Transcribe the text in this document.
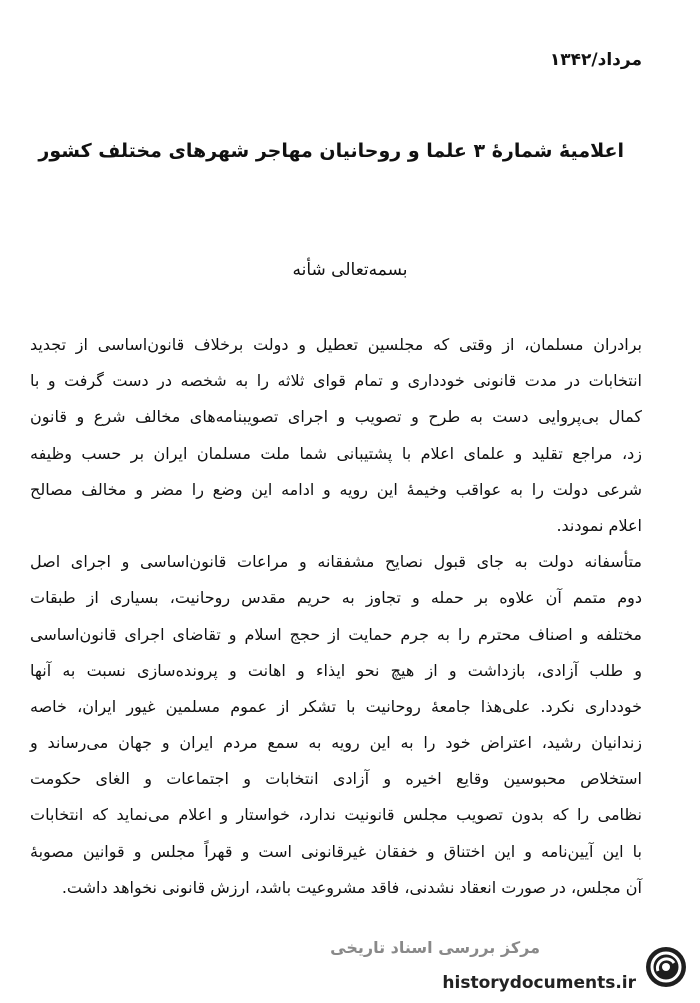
مرداد/۱۳۴۲
اعلامیهٔ شمارهٔ ۳ علما و روحانیان مهاجر شهرهای مختلف کشور
بسمه‌تعالی شأنه
برادران مسلمان، از وقتی که مجلسین تعطیل و دولت برخلاف قانون‌اساسی از تجدید
انتخابات در مدت قانونی خودداری و تمام قوای ثلاثه را به شخصه در دست گرفت و با
کمال بی‌پروایی دست به طرح و تصویب و اجرای تصویبنامه‌های مخالف شرع و قانون
زد، مراجع تقلید و علمای اعلام با پشتیبانی شما ملت مسلمان ایران بر حسب وظیفه
شرعی دولت را به عواقب وخیمهٔ این رویه و ادامه این وضع را مضر و مخالف مصالح
اعلام نمودند.
متأسفانه دولت به جای قبول نصایح مشفقانه و مراعات قانون‌اساسی و اجرای اصل
دوم متمم آن علاوه بر حمله و تجاوز به حریم مقدس روحانیت، بسیاری از طبقات
مختلفه و اصناف محترم را به جرم حمایت از حجج اسلام و تقاضای اجرای قانون‌اساسی
و طلب آزادی، بازداشت و از هیچ نحو ایذاء و اهانت و پرونده‌سازی نسبت به آنها
خودداری نکرد. علی‌هذا جامعهٔ روحانیت با تشکر از عموم مسلمین غیور ایران، خاصه
زندانیان رشید، اعتراض خود را به این رویه به سمع مردم ایران و جهان می‌رساند و
استخلاص محبوسین وقایع اخیره و آزادی انتخابات و اجتماعات و الغای حکومت
نظامی را که بدون تصویب مجلس قانونیت ندارد، خواستار و اعلام می‌نماید که انتخابات
با این آیین‌نامه و این اختناق و خفقان غیرقانونی است و قهراً مجلس و قوانین مصوبهٔ
آن مجلس، در صورت انعقاد نشدنی، فاقد مشروعیت باشد، ارزش قانونی نخواهد داشت.
مرکز بررسی اسناد تاریخی
historydocuments.ir
